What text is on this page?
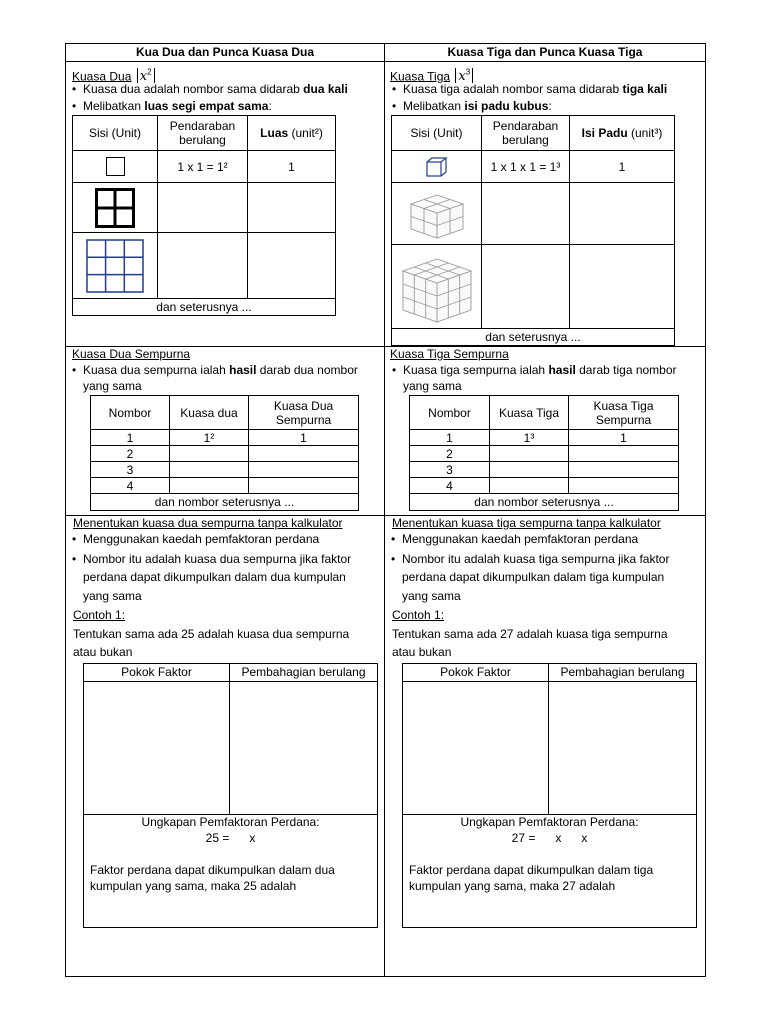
Kua Dua dan Punca Kuasa Dua	Kuasa Tiga dan Punca Kuasa Tiga
Kuasa Dua $x^2$
• Kuasa dua adalah nombor sama didarab dua kali
• Melibatkan luas segi empat sama:
Sisi (Unit)	Pendaraban berulang	Luas (unit²)

	1 x 1 = 1²	1

dan seterusnya ...		
Kuasa Tiga $x^3$
• Kuasa tiga adalah nombor sama didarab tiga kali
• Melibatkan isi padu kubus:
Sisi (Unit)	Pendaraban berulang	Isi Padu (unit³)

	1 x 1 x 1 = 1³	1

dan seterusnya ...		
Kuasa Dua Sempurna
• Kuasa dua sempurna ialah hasil darab dua nombor
yang sama
Nombor	Kuasa dua	Kuasa Dua Sempurna

1	1²	1
2		
3		
4		
dan nombor seterusnya ...		
Kuasa Tiga Sempurna
• Kuasa tiga sempurna ialah hasil darab tiga nombor
yang sama
Nombor	Kuasa Tiga	Kuasa Tiga Sempurna

1	1³	1
2		
3		
4		
dan nombor seterusnya ...		
Menentukan kuasa dua sempurna tanpa kalkulator
• Menggunakan kaedah pemfaktoran perdana
• Nombor itu adalah kuasa dua sempurna jika faktor
perdana dapat dikumpulkan dalam dua kumpulan
yang sama
Contoh 1:
Tentukan sama ada 25 adalah kuasa dua sempurna
atau bukan
Pokok Faktor	Pembahagian berulang
Ungkapan Pemfaktoran Perdana:
25 =      x
Faktor perdana dapat dikumpulkan dalam dua
kumpulan yang sama, maka 25 adalah
Menentukan kuasa tiga sempurna tanpa kalkulator
• Menggunakan kaedah pemfaktoran perdana
• Nombor itu adalah kuasa tiga sempurna jika faktor
perdana dapat dikumpulkan dalam tiga kumpulan
yang sama
Contoh 1:
Tentukan sama ada 27 adalah kuasa tiga sempurna
atau bukan
Pokok Faktor	Pembahagian berulang
Ungkapan Pemfaktoran Perdana:
27 =      x      x
Faktor perdana dapat dikumpulkan dalam tiga
kumpulan yang sama, maka 27 adalah
